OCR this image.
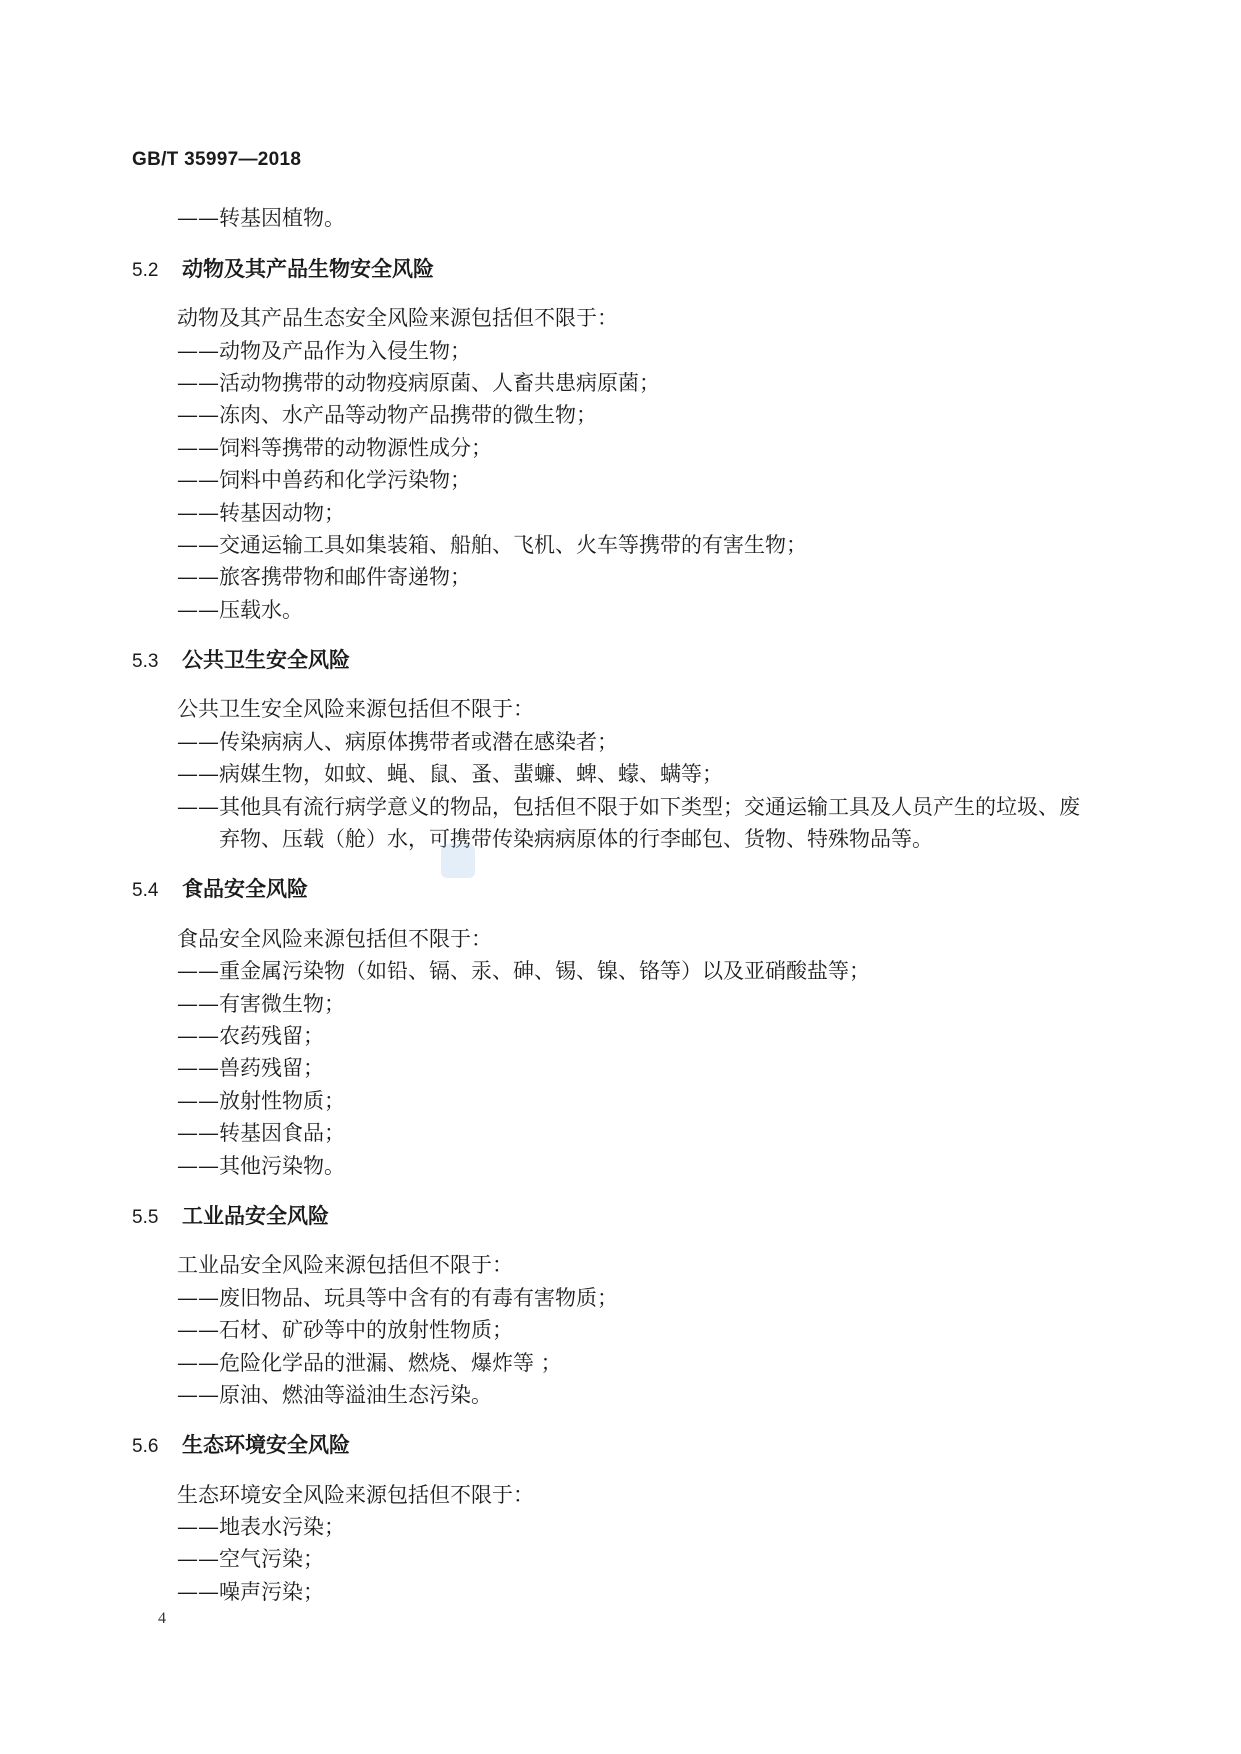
GB/T 35997—2018
——转基因植物。
5.2 动物及其产品生物安全风险
动物及其产品生态安全风险来源包括但不限于：
——动物及产品作为入侵生物；
——活动物携带的动物疫病原菌、人畜共患病原菌；
——冻肉、水产品等动物产品携带的微生物；
——饲料等携带的动物源性成分；
——饲料中兽药和化学污染物；
——转基因动物；
——交通运输工具如集装箱、船舶、飞机、火车等携带的有害生物；
——旅客携带物和邮件寄递物；
——压载水。
5.3 公共卫生安全风险
公共卫生安全风险来源包括但不限于：
——传染病病人、病原体携带者或潜在感染者；
——病媒生物，如蚊、蝇、鼠、蚤、蜚蠊、蜱、蠓、螨等；
——其他具有流行病学意义的物品，包括但不限于如下类型；交通运输工具及人员产生的垃圾、废
弃物、压载（舱）水，可携带传染病病原体的行李邮包、货物、特殊物品等。
5.4 食品安全风险
食品安全风险来源包括但不限于：
——重金属污染物（如铅、镉、汞、砷、锡、镍、铬等）以及亚硝酸盐等；
——有害微生物；
——农药残留；
——兽药残留；
——放射性物质；
——转基因食品；
——其他污染物。
5.5 工业品安全风险
工业品安全风险来源包括但不限于：
——废旧物品、玩具等中含有的有毒有害物质；
——石材、矿砂等中的放射性物质；
——危险化学品的泄漏、燃烧、爆炸等 ；
——原油、燃油等溢油生态污染。
5.6 生态环境安全风险
生态环境安全风险来源包括但不限于：
——地表水污染；
——空气污染；
——噪声污染；
4
